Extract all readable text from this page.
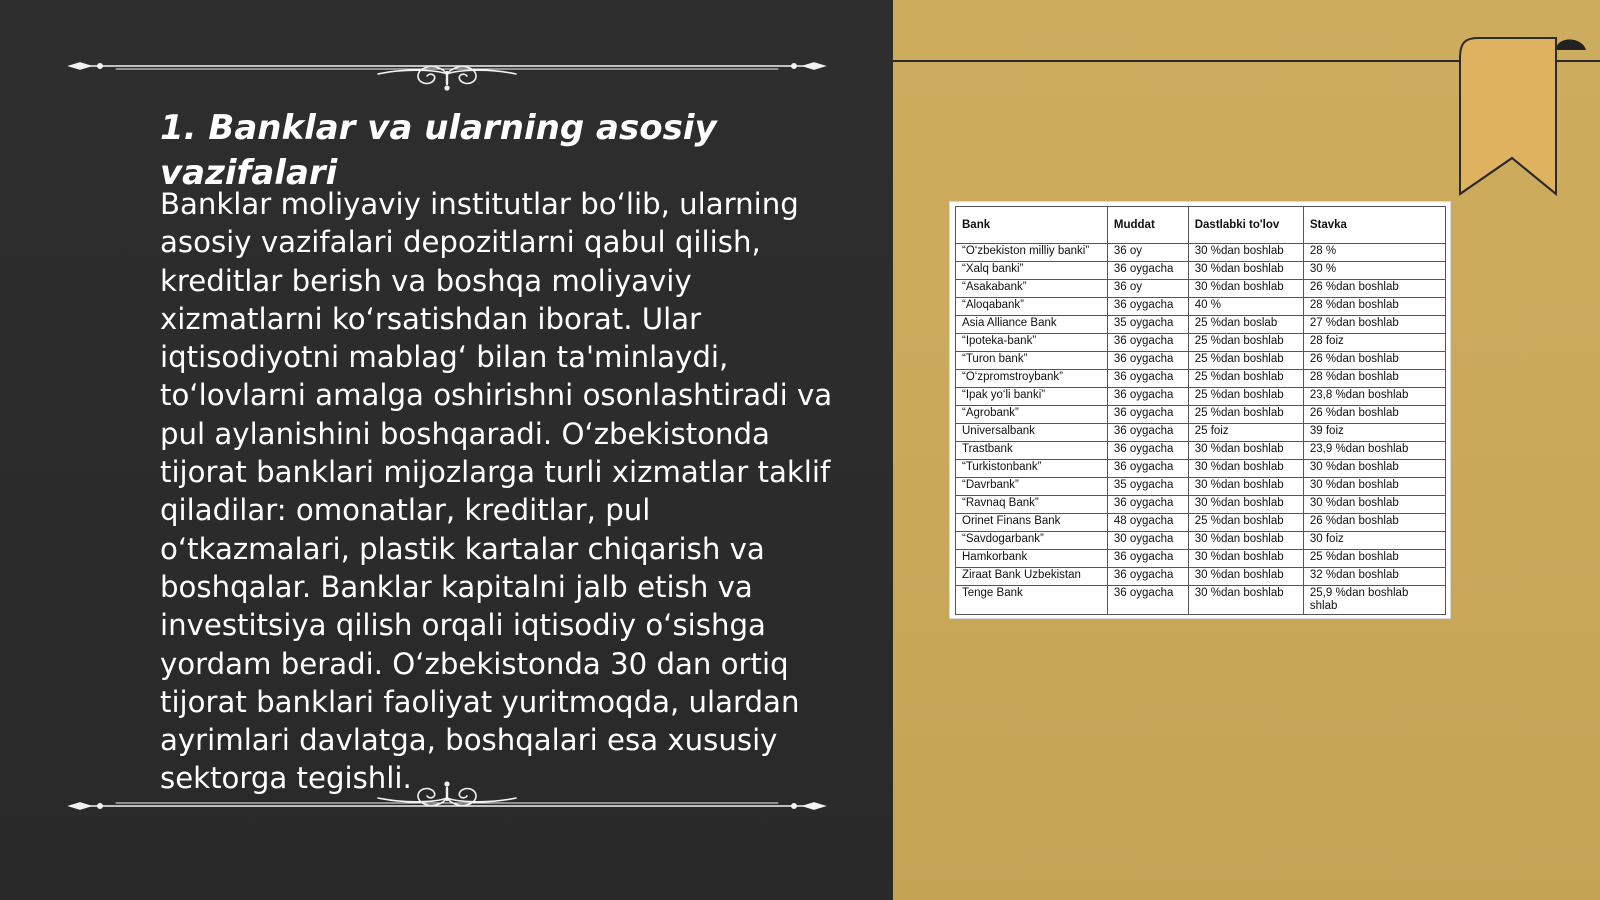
1. Banklar va ularning asosiy vazifalari

Banklar moliyaviy institutlar bo‘lib, ularning asosiy vazifalari depozitlarni qabul qilish, kreditlar berish va boshqa moliyaviy xizmatlarni ko‘rsatishdan iborat. Ular iqtisodiyotni mablag‘ bilan ta'minlaydi, to‘lovlarni amalga oshirishni osonlashtiradi va pul aylanishini boshqaradi. O‘zbekistonda tijorat banklari mijozlarga turli xizmatlar taklif qiladilar: omonatlar, kreditlar, pul o‘tkazmalari, plastik kartalar chiqarish va boshqalar. Banklar kapitalni jalb etish va investitsiya qilish orqali iqtisodiy o‘sishga yordam beradi. O‘zbekistonda 30 dan ortiq tijorat banklari faoliyat yuritmoqda, ulardan ayrimlari davlatga, boshqalari esa xususiy sektorga tegishli.

Bank	Muddat	Dastlabki to'lov	Stavka
“O‘zbekiston milliy banki”	36 oy	30 %dan boshlab	28 %
“Xalq banki”	36 oygacha	30 %dan boshlab	30 %
“Asakabank”	36 oy	30 %dan boshlab	26 %dan boshlab
“Aloqabank”	36 oygacha	40 %	28 %dan boshlab
Asia Alliance Bank	35 oygacha	25 %dan boslab	27 %dan boshlab
“Ipoteka-bank”	36 oygacha	25 %dan boshlab	28 foiz
“Turon bank”	36 oygacha	25 %dan boshlab	26 %dan boshlab
“O‘zpromstroybank”	36 oygacha	25 %dan boshlab	28 %dan boshlab
“Ipak yo‘li banki”	36 oygacha	25 %dan boshlab	23,8 %dan boshlab
“Agrobank”	36 oygacha	25 %dan boshlab	26 %dan boshlab
Universalbank	36 oygacha	25 foiz	39 foiz
Trastbank	36 oygacha	30 %dan boshlab	23,9 %dan boshlab
“Turkistonbank”	36 oygacha	30 %dan boshlab	30 %dan boshlab
“Davrbank”	35 oygacha	30 %dan boshlab	30 %dan boshlab
“Ravnaq Bank”	36 oygacha	30 %dan boshlab	30 %dan boshlab
Orinet Finans Bank	48 oygacha	25 %dan boshlab	26 %dan boshlab
“Savdogarbank”	30 oygacha	30 %dan boshlab	30 foiz
Hamkorbank	36 oygacha	30 %dan boshlab	25 %dan boshlab
Ziraat Bank Uzbekistan	36 oygacha	30 %dan boshlab	32 %dan boshlab
Tenge Bank	36 oygacha	30 %dan boshlab	25,9 %dan boshlab shlab
